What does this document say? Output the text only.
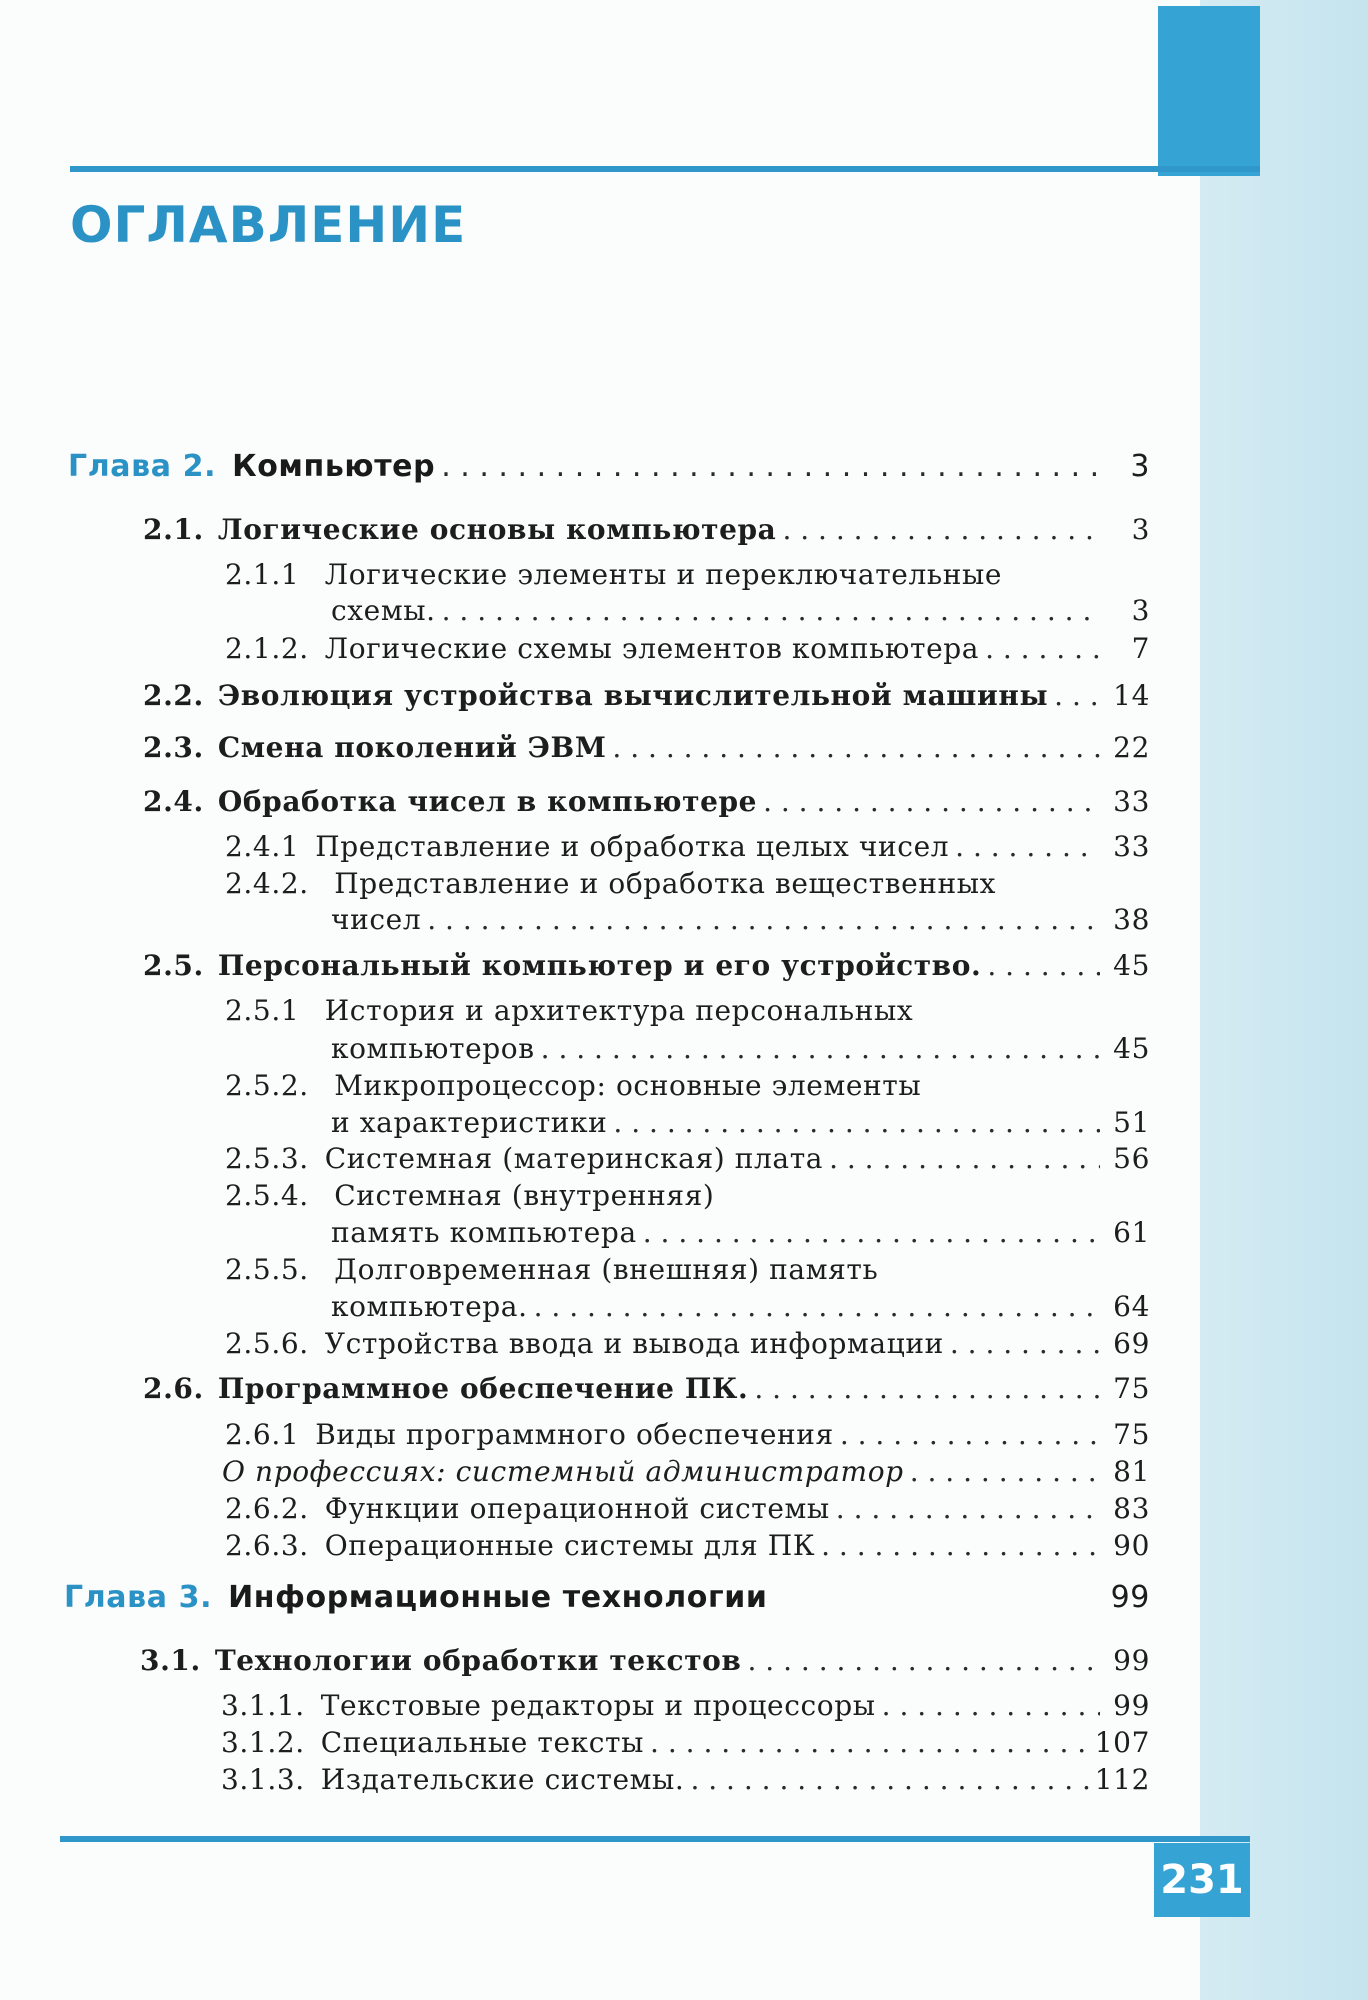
ОГЛАВЛЕНИЕ
Глава 2. Компьютер . . .	3
2.1. Логические основы компьютера . . .	3
2.1.1 Логические элементы и переключательные
схемы. . . .	3
2.1.2. Логические схемы элементов компьютера . . .	7
2.2. Эволюция устройства вычислительной машины . . .	14
2.3. Смена поколений ЭВМ . . .	22
2.4. Обработка чисел в компьютере . . .	33
2.4.1 Представление и обработка целых чисел . . .	33
2.4.2. Представление и обработка вещественных
чисел . . .	38
2.5. Персональный компьютер и его устройство. . . .	45
2.5.1 История и архитектура персональных
компьютеров . . .	45
2.5.2. Микропроцессор: основные элементы
и характеристики . . .	51
2.5.3. Системная (материнская) плата . . .	56
2.5.4. Системная (внутренняя)
память компьютера . . .	61
2.5.5. Долговременная (внешняя) память
компьютера. . . .	64
2.5.6. Устройства ввода и вывода информации . . .	69
2.6. Программное обеспечение ПК. . . .	75
2.6.1 Виды программного обеспечения . . .	75
О профессиях: системный администратор . . .	81
2.6.2. Функции операционной системы . . .	83
2.6.3. Операционные системы для ПК . . .	90
Глава 3. Информационные технологии	99
3.1. Технологии обработки текстов . . .	99
3.1.1. Текстовые редакторы и процессоры . . .	99
3.1.2. Специальные тексты . . .	107
3.1.3. Издательские системы. . . .	112
231
